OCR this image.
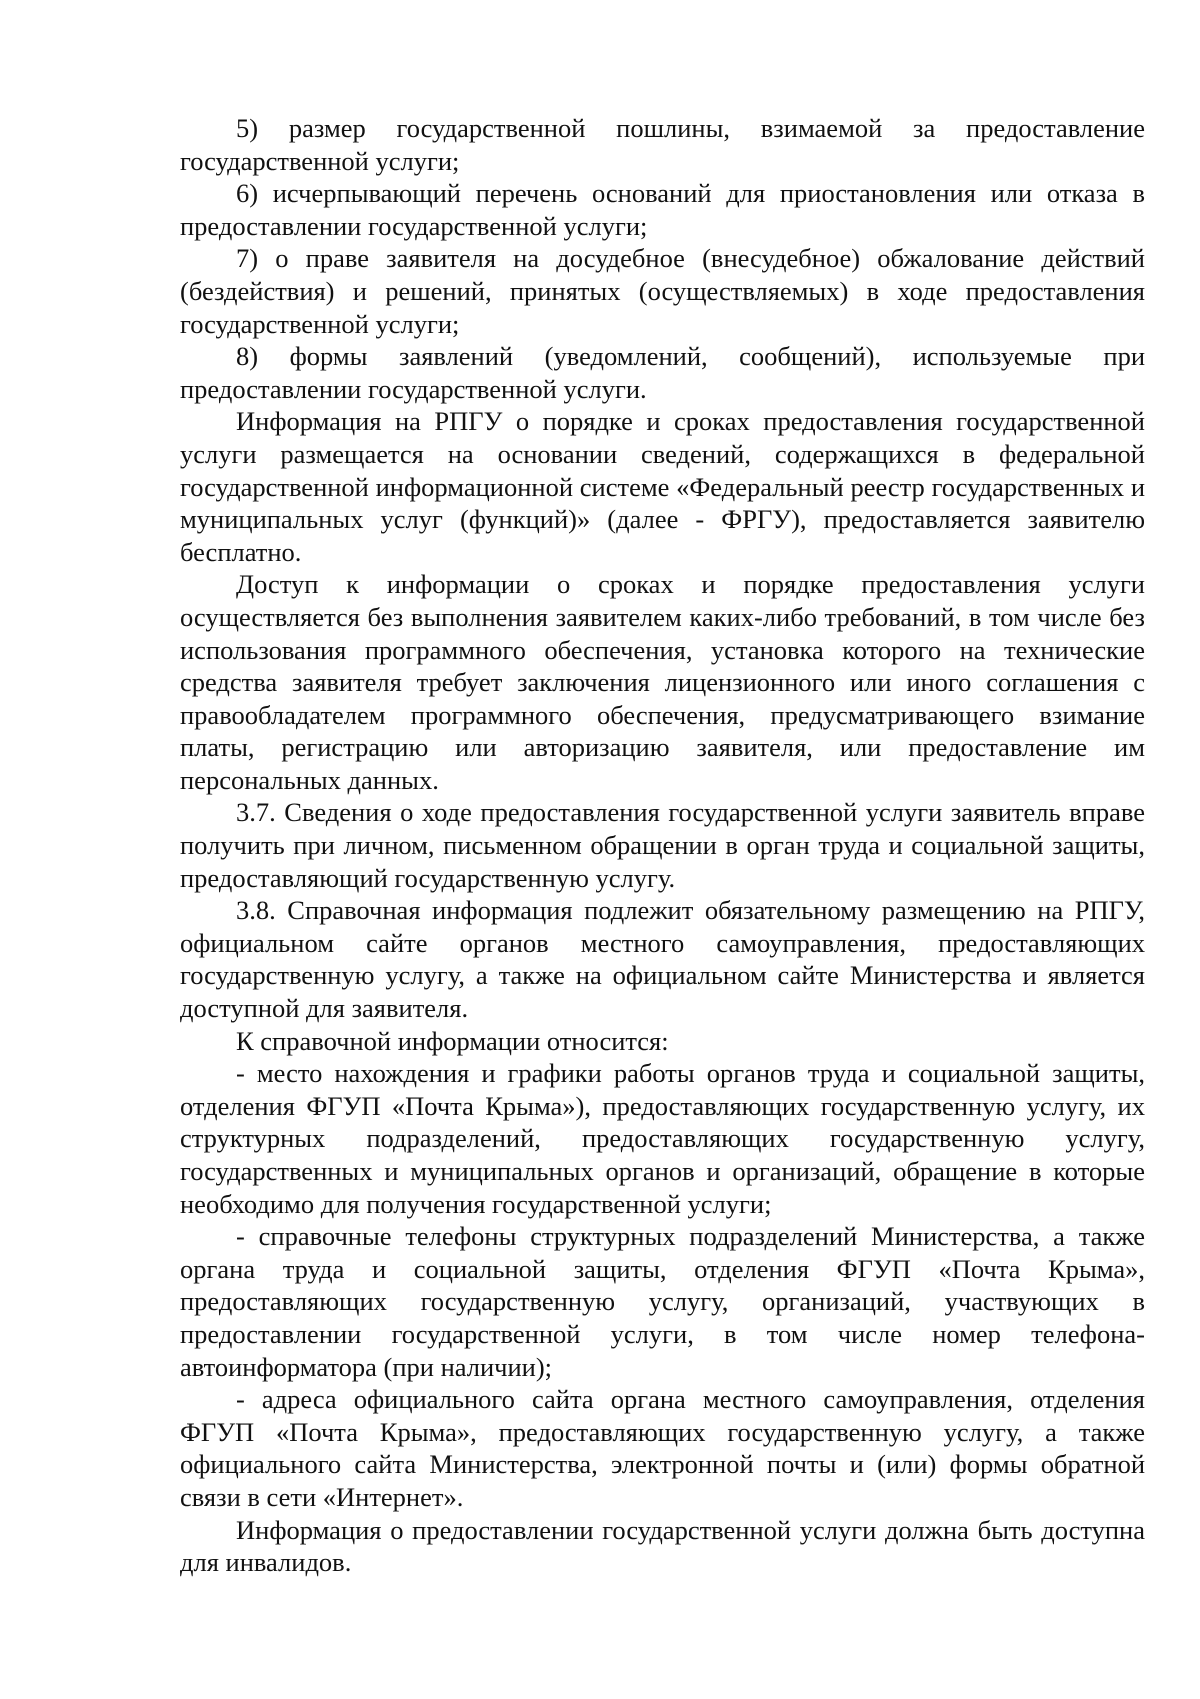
5) размер государственной пошлины, взимаемой за предоставление государственной услуги;

6) исчерпывающий перечень оснований для приостановления или отказа в предоставлении государственной услуги;

7) о праве заявителя на досудебное (внесудебное) обжалование действий (бездействия) и решений, принятых (осуществляемых) в ходе предоставления государственной услуги;

8) формы заявлений (уведомлений, сообщений), используемые при предоставлении государственной услуги.

Информация на РПГУ о порядке и сроках предоставления государственной услуги размещается на основании сведений, содержащихся в федеральной государственной информационной системе «Федеральный реестр государственных и муниципальных услуг (функций)» (далее - ФРГУ), предоставляется заявителю бесплатно.

Доступ к информации о сроках и порядке предоставления услуги осуществляется без выполнения заявителем каких-либо требований, в том числе без использования программного обеспечения, установка которого на технические средства заявителя требует заключения лицензионного или иного соглашения с правообладателем программного обеспечения, предусматривающего взимание платы, регистрацию или авторизацию заявителя, или предоставление им персональных данных.

3.7. Сведения о ходе предоставления государственной услуги заявитель вправе получить при личном, письменном обращении в орган труда и социальной защиты, предоставляющий государственную услугу.

3.8. Справочная информация подлежит обязательному размещению на РПГУ, официальном сайте органов местного самоуправления, предоставляющих государственную услугу, а также на официальном сайте Министерства и является доступной для заявителя.

К справочной информации относится:

- место нахождения и графики работы органов труда и социальной защиты, отделения ФГУП «Почта Крыма»), предоставляющих государственную услугу, их структурных подразделений, предоставляющих государственную услугу, государственных и муниципальных органов и организаций, обращение в которые необходимо для получения государственной услуги;

- справочные телефоны структурных подразделений Министерства, а также органа труда и социальной защиты, отделения ФГУП «Почта Крыма», предоставляющих государственную услугу, организаций, участвующих в предоставлении государственной услуги, в том числе номер телефона-автоинформатора (при наличии);

- адреса официального сайта органа местного самоуправления, отделения ФГУП «Почта Крыма», предоставляющих государственную услугу, а также официального сайта Министерства, электронной почты и (или) формы обратной связи в сети «Интернет».

Информация о предоставлении государственной услуги должна быть доступна для инвалидов.
